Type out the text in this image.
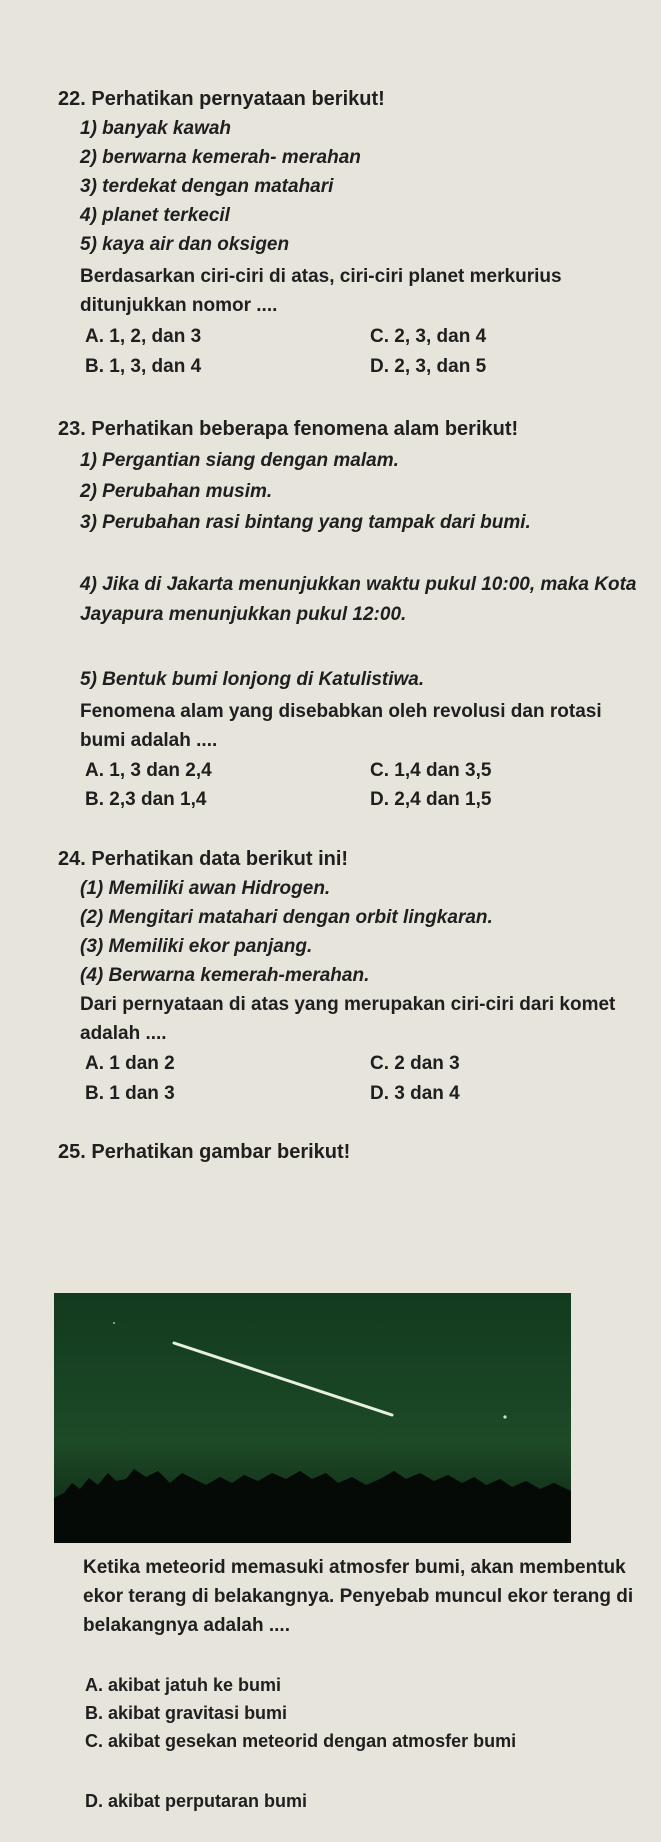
22. Perhatikan pernyataan berikut!
1) banyak kawah
2) berwarna kemerah- merahan
3) terdekat dengan matahari
4) planet terkecil
5) kaya air dan oksigen
Berdasarkan ciri-ciri di atas, ciri-ciri planet merkurius ditunjukkan nomor ....
A. 1, 2, dan 3	C. 2, 3, dan 4
B. 1, 3, dan 4	D. 2, 3, dan 5
23. Perhatikan beberapa fenomena alam berikut!
1) Pergantian siang dengan malam.
2) Perubahan musim.
3) Perubahan rasi bintang yang tampak dari bumi.
4) Jika di Jakarta menunjukkan waktu pukul 10:00, maka Kota Jayapura menunjukkan pukul 12:00.
5) Bentuk bumi lonjong di Katulistiwa.
Fenomena alam yang disebabkan oleh revolusi dan rotasi bumi adalah ....
A. 1, 3 dan 2,4	C. 1,4 dan 3,5
B. 2,3 dan 1,4	D. 2,4 dan 1,5
24. Perhatikan data berikut ini!
(1) Memiliki awan Hidrogen.
(2) Mengitari matahari dengan orbit lingkaran.
(3) Memiliki ekor panjang.
(4) Berwarna kemerah-merahan.
Dari pernyataan di atas yang merupakan ciri-ciri dari komet adalah ....
A. 1 dan 2	C. 2 dan 3
B. 1 dan 3	D. 3 dan 4
25. Perhatikan gambar berikut!
Ketika meteorid memasuki atmosfer bumi, akan membentuk ekor terang di belakangnya. Penyebab muncul ekor terang di belakangnya adalah ....
A. akibat jatuh ke bumi
B. akibat gravitasi bumi
C. akibat gesekan meteorid dengan atmosfer bumi
D. akibat perputaran bumi
